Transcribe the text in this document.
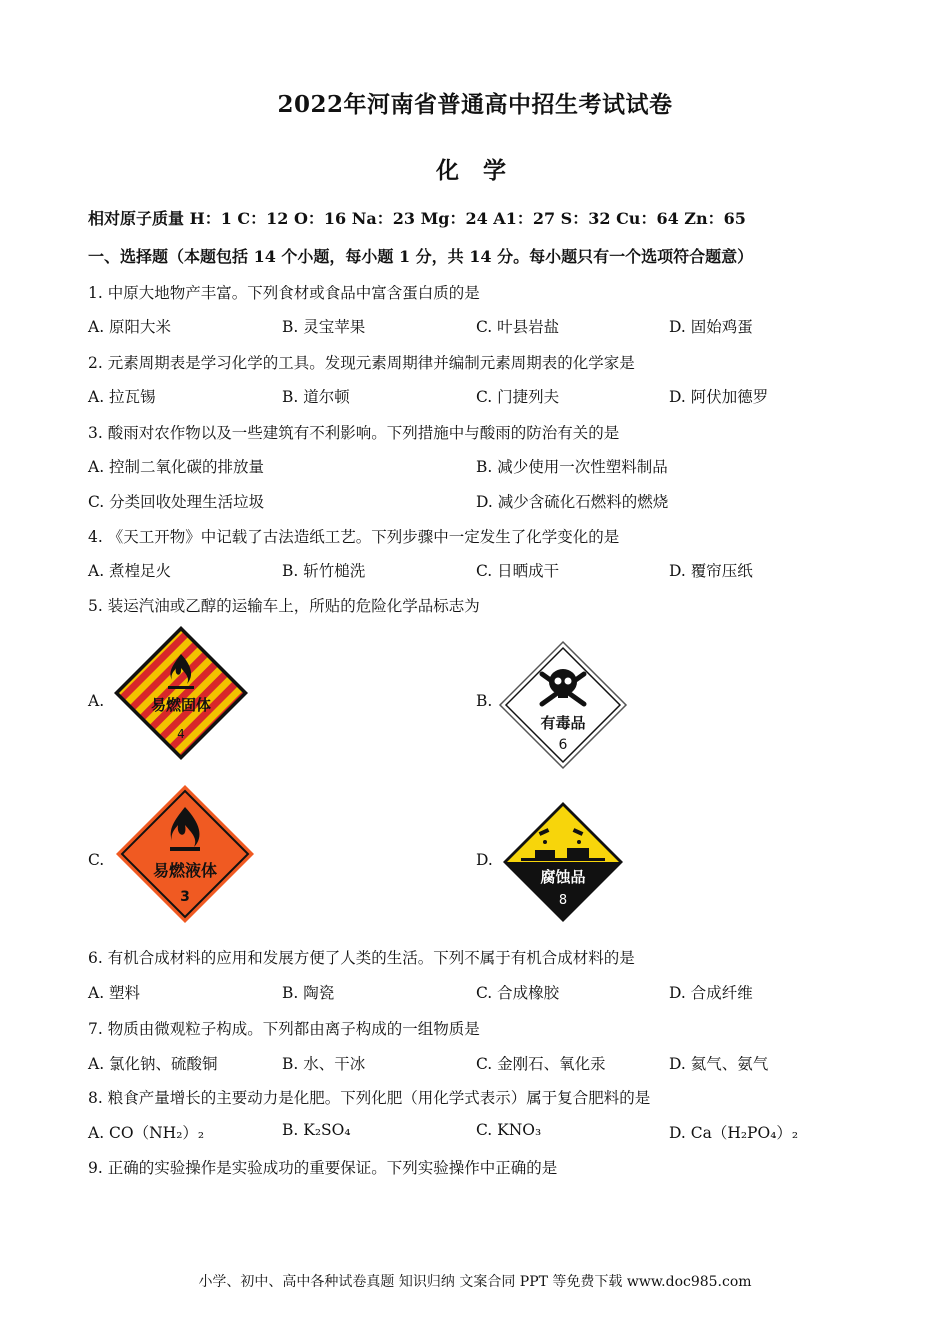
2022年河南省普通高中招生考试试卷
化 学
相对原子质量 H：1 C：12 O：16 Na：23 Mg：24 A1：27 S：32 Cu：64 Zn：65
一、选择题（本题包括 14 个小题，每小题 1 分，共 14 分。每小题只有一个选项符合题意）
1. 中原大地物产丰富。下列食材或食品中富含蛋白质的是
A. 原阳大米	B. 灵宝苹果	C. 叶县岩盐	D. 固始鸡蛋
2. 元素周期表是学习化学的工具。发现元素周期律并编制元素周期表的化学家是
A. 拉瓦锡	B. 道尔顿	C. 门捷列夫	D. 阿伏加德罗
3. 酸雨对农作物以及一些建筑有不利影响。下列措施中与酸雨的防治有关的是
A. 控制二氧化碳的排放量	B. 减少使用一次性塑料制品
C. 分类回收处理生活垃圾	D. 减少含硫化石燃料的燃烧
4. 《天工开物》中记载了古法造纸工艺。下列步骤中一定发生了化学变化的是
A. 煮楻足火	B. 斩竹槌洗	C. 日晒成干	D. 覆帘压纸
5. 装运汽油或乙醇的运输车上，所贴的危险化学品标志为
A.	B.
C.	D.
易燃固体
4
有毒品
6
易燃液体
3
腐蚀品
8
6. 有机合成材料的应用和发展方便了人类的生活。下列不属于有机合成材料的是
A. 塑料	B. 陶瓷	C. 合成橡胶	D. 合成纤维
7. 物质由微观粒子构成。下列都由离子构成的一组物质是
A. 氯化钠、硫酸铜	B. 水、干冰	C. 金刚石、氧化汞	D. 氦气、氨气
8. 粮食产量增长的主要动力是化肥。下列化肥（用化学式表示）属于复合肥料的是
A. CO（NH₂）₂	B. K₂SO₄	C. KNO₃	D. Ca（H₂PO₄）₂
9. 正确的实验操作是实验成功的重要保证。下列实验操作中正确的是
小学、初中、高中各种试卷真题 知识归纳 文案合同 PPT 等免费下载 www.doc985.com
